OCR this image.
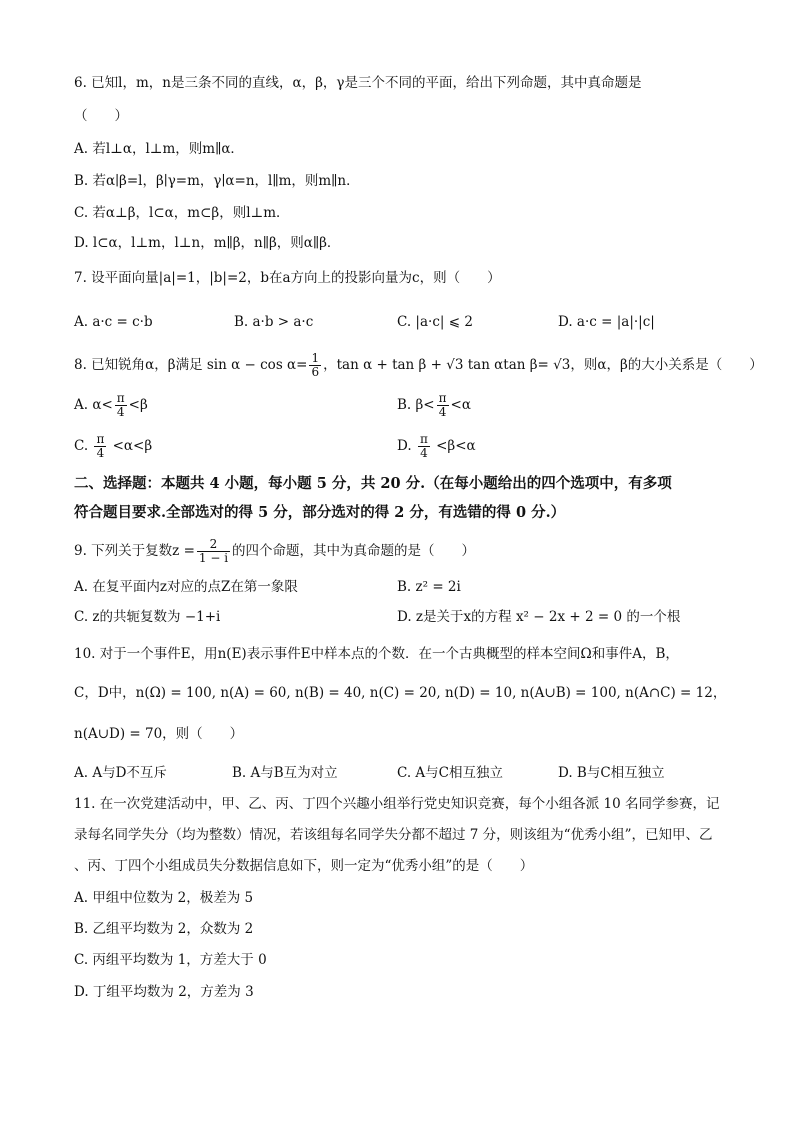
6. 已知l，m，n是三条不同的直线，α，β，γ是三个不同的平面，给出下列命题，其中真命题是
（　　）
A. 若l⊥α，l⊥m，则m∥α．
B. 若α∣β=l，β∣γ=m，γ∣α=n，l∥m，则m∥n．
C. 若α⊥β，l⊂α，m⊂β，则l⊥m．
D. l⊂α，l⊥m，l⊥n，m∥β，n∥β，则α∥β．
7. 设平面向量|a|=1，|b|=2，b在a方向上的投影向量为c，则（　　）
A. a·c = c·b	B. a·b > a·c	C. |a·c| ⩽ 2	D. a·c = |a|·|c|
8. 已知锐角α，β满足 $\sin \alpha - \cos \alpha= \frac{1}{6}$ ，tan α + tan β + √3 tan αtan β= √3，则α，β的大小关系是（　　）
A. $\alpha< \frac{\pi}{4} <\beta$	B. $\beta< \frac{\pi}{4} <\alpha$
C. $\frac{\pi}{4} <\alpha<\beta$	D. $\frac{\pi}{4} <\beta<\alpha$
二、选择题：本题共 4 小题，每小题 5 分，共 20 分.（在每小题给出的四个选项中，有多项
符合题目要求.全部选对的得 5 分，部分选对的得 2 分，有选错的得 0 分.）
9. 下列关于复数$z = \frac{2}{1 - i}$ 的四个命题，其中为真命题的是（　　）
A. 在复平面内z对应的点Z在第一象限	B. z² = 2i
C. z的共轭复数为 −1+i	D. z是关于x的方程 x² − 2x + 2 = 0 的一个根
10. 对于一个事件E，用n(E)表示事件E中样本点的个数．在一个古典概型的样本空间Ω和事件A，B，
C，D中，n(Ω) = 100, n(A) = 60, n(B) = 40, n(C) = 20, n(D) = 10, n(A∪B) = 100, n(A∩C) = 12，
n(A∪D) = 70，则（　　）
A. A与D不互斥	B. A与B互为对立	C. A与C相互独立	D. B与C相互独立
11. 在一次党建活动中，甲、乙、丙、丁四个兴趣小组举行党史知识竞赛，每个小组各派 10 名同学参赛，记
录每名同学失分（均为整数）情况，若该组每名同学失分都不超过 7 分，则该组为“优秀小组”，已知甲、乙
、丙、丁四个小组成员失分数据信息如下，则一定为“优秀小组”的是（　　）
A. 甲组中位数为 2，极差为 5
B. 乙组平均数为 2，众数为 2
C. 丙组平均数为 1，方差大于 0
D. 丁组平均数为 2，方差为 3
